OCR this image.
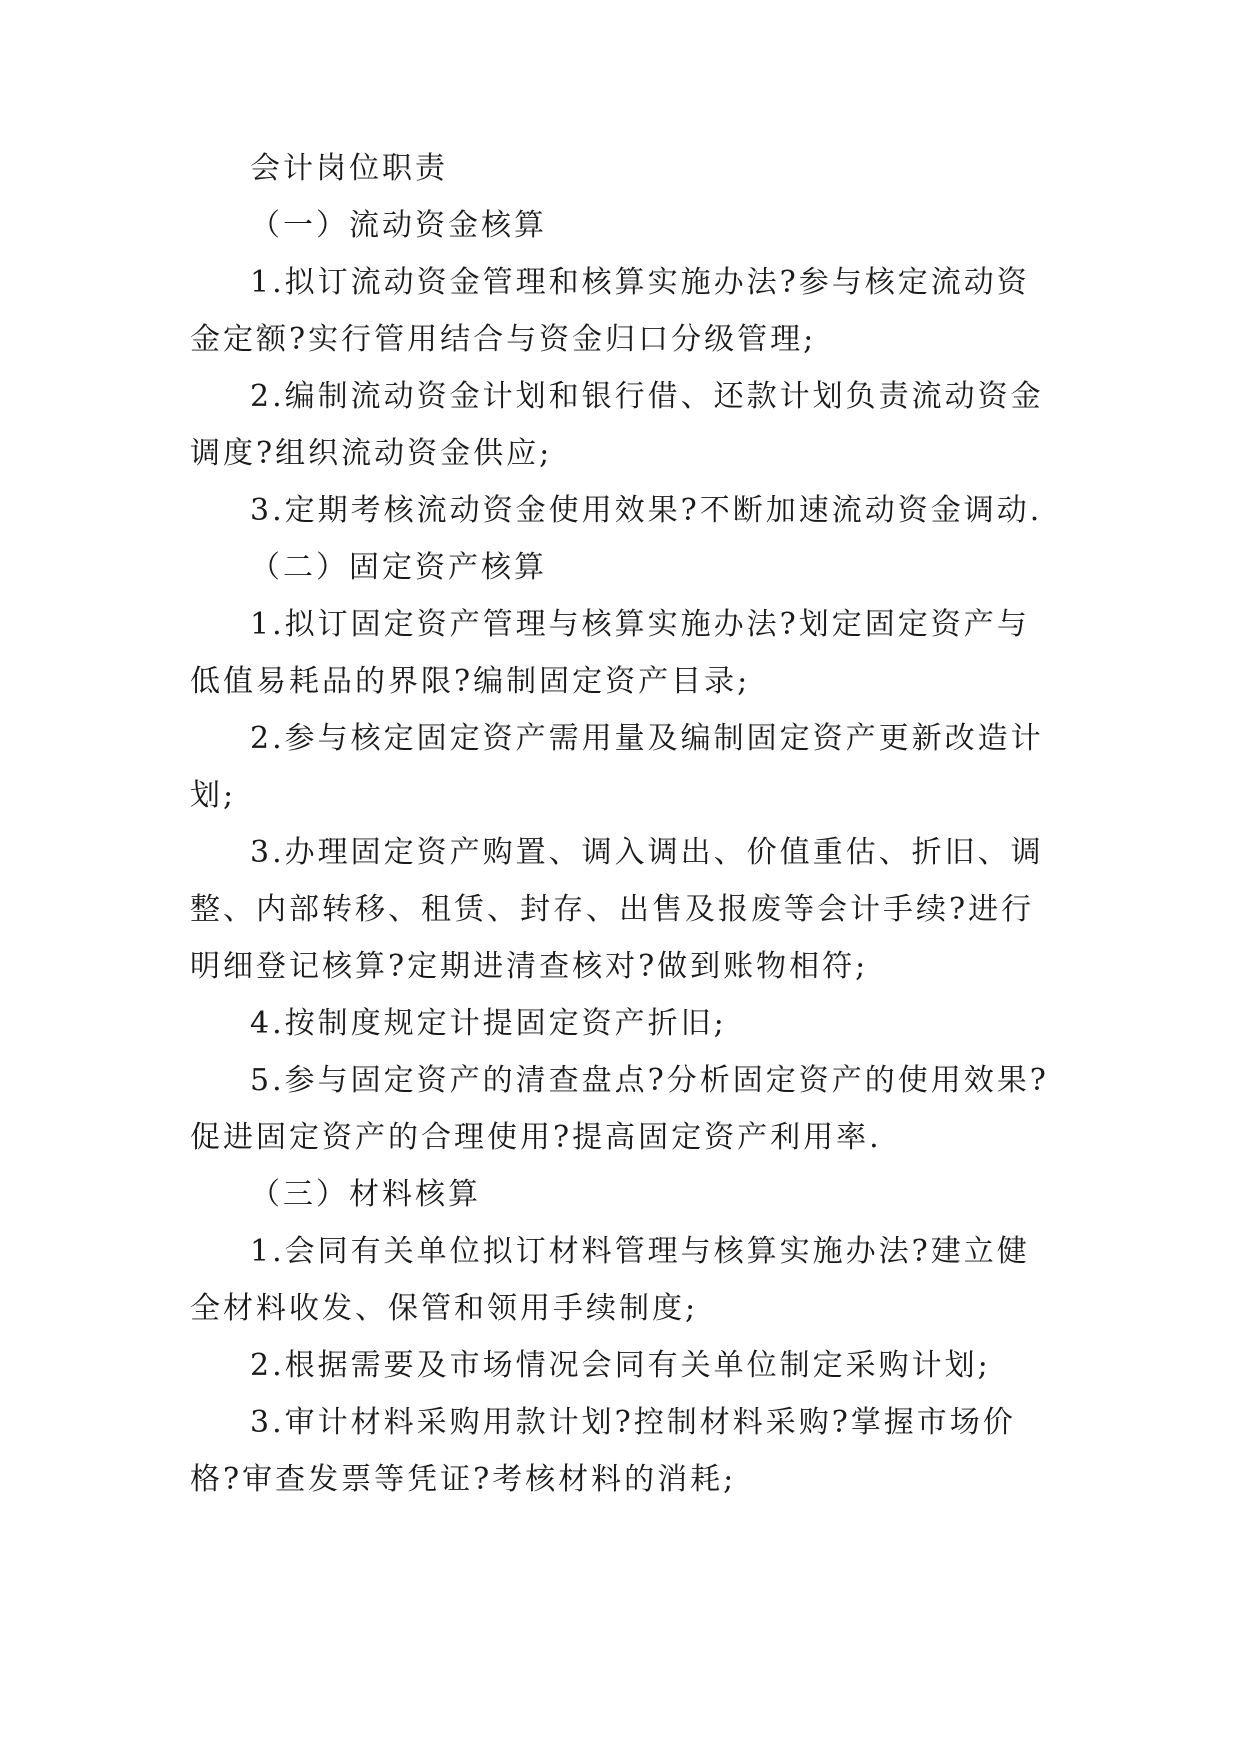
会计岗位职责

（一）流动资金核算

1.拟订流动资金管理和核算实施办法?参与核定流动资金定额?实行管用结合与资金归口分级管理;

2.编制流动资金计划和银行借、还款计划负责流动资金调度?组织流动资金供应;

3.定期考核流动资金使用效果?不断加速流动资金调动.

（二）固定资产核算

1.拟订固定资产管理与核算实施办法?划定固定资产与低值易耗品的界限?编制固定资产目录;

2.参与核定固定资产需用量及编制固定资产更新改造计划;

3.办理固定资产购置、调入调出、价值重估、折旧、调整、内部转移、租赁、封存、出售及报废等会计手续?进行明细登记核算?定期进清查核对?做到账物相符;

4.按制度规定计提固定资产折旧;

5.参与固定资产的清查盘点?分析固定资产的使用效果?促进固定资产的合理使用?提高固定资产利用率.

（三）材料核算

1.会同有关单位拟订材料管理与核算实施办法?建立健全材料收发、保管和领用手续制度;

2.根据需要及市场情况会同有关单位制定采购计划;

3.审计材料采购用款计划?控制材料采购?掌握市场价格?审查发票等凭证?考核材料的消耗;
